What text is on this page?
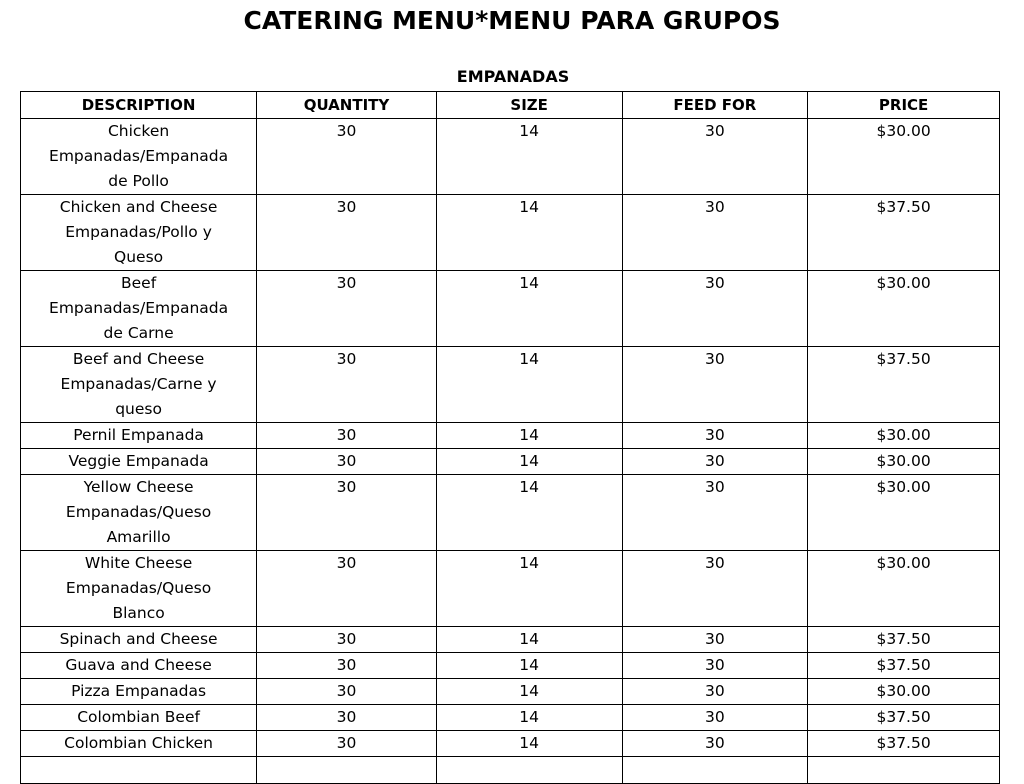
CATERING MENU*MENU PARA GRUPOS
EMPANADAS
DESCRIPTION	QUANTITY	SIZE	FEED FOR	PRICE

Chicken
Empanadas/Empanada
de Pollo	30	14	30	$30.00

Chicken and Cheese
Empanadas/Pollo y
Queso	30	14	30	$37.50

Beef
Empanadas/Empanada
de Carne	30	14	30	$30.00

Beef and Cheese
Empanadas/Carne y
queso	30	14	30	$37.50

Pernil Empanada	30	14	30	$30.00

Veggie Empanada	30	14	30	$30.00

Yellow Cheese
Empanadas/Queso
Amarillo	30	14	30	$30.00

White Cheese
Empanadas/Queso
Blanco	30	14	30	$30.00

Spinach and Cheese	30	14	30	$37.50

Guava and Cheese	30	14	30	$37.50

Pizza Empanadas	30	14	30	$30.00

Colombian Beef	30	14	30	$37.50

Colombian Chicken	30	14	30	$37.50
